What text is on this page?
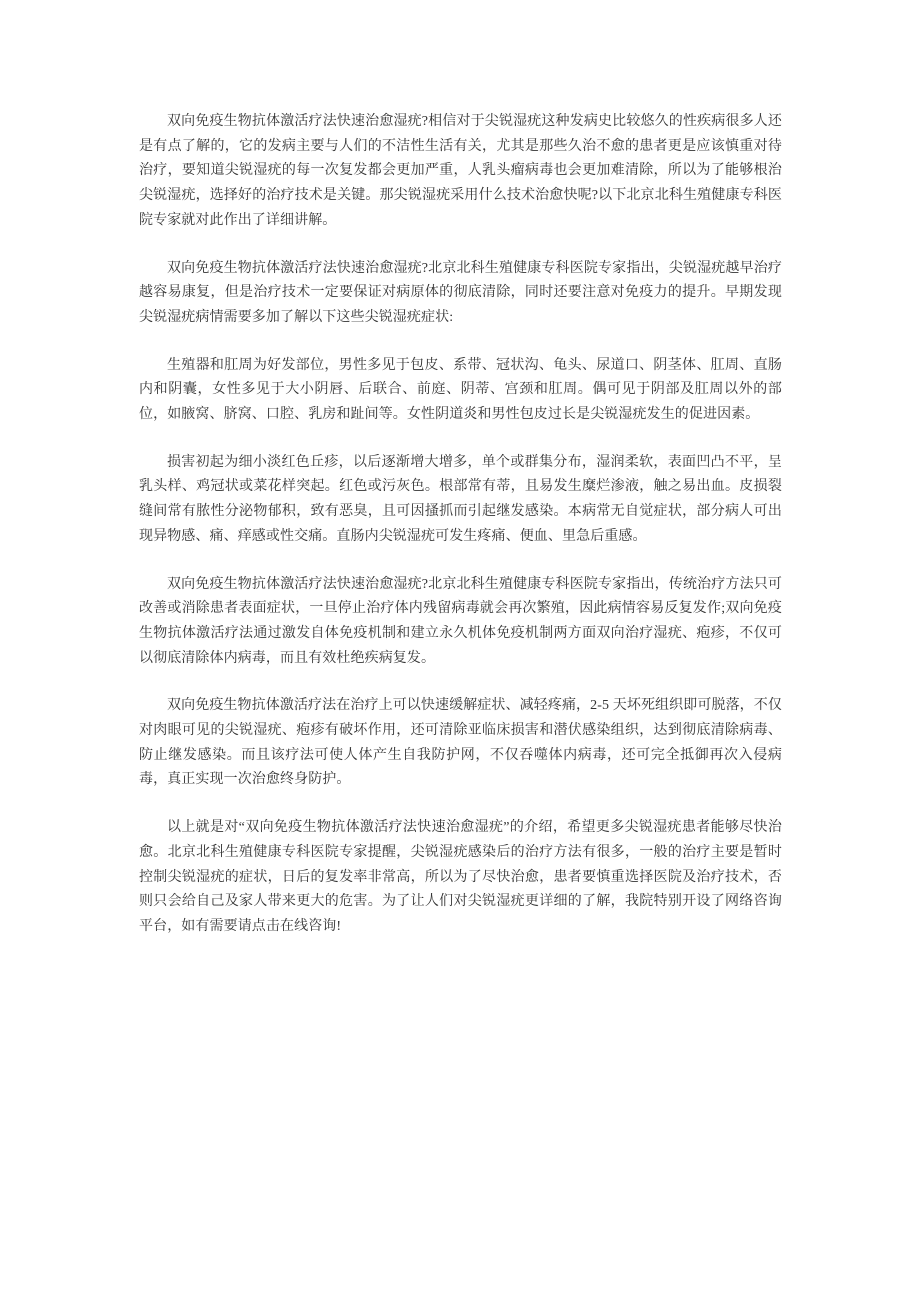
双向免疫生物抗体激活疗法快速治愈湿疣?相信对于尖锐湿疣这种发病史比较悠久的性疾病很多人还是有点了解的，它的发病主要与人们的不洁性生活有关，尤其是那些久治不愈的患者更是应该慎重对待治疗，要知道尖锐湿疣的每一次复发都会更加严重，人乳头瘤病毒也会更加难清除，所以为了能够根治尖锐湿疣，选择好的治疗技术是关键。那尖锐湿疣采用什么技术治愈快呢?以下北京北科生殖健康专科医院专家就对此作出了详细讲解。

双向免疫生物抗体激活疗法快速治愈湿疣?北京北科生殖健康专科医院专家指出，尖锐湿疣越早治疗越容易康复，但是治疗技术一定要保证对病原体的彻底清除，同时还要注意对免疫力的提升。早期发现尖锐湿疣病情需要多加了解以下这些尖锐湿疣症状:

生殖器和肛周为好发部位，男性多见于包皮、系带、冠状沟、龟头、尿道口、阴茎体、肛周、直肠内和阴囊，女性多见于大小阴唇、后联合、前庭、阴蒂、宫颈和肛周。偶可见于阴部及肛周以外的部位，如腋窝、脐窝、口腔、乳房和趾间等。女性阴道炎和男性包皮过长是尖锐湿疣发生的促进因素。

损害初起为细小淡红色丘疹，以后逐渐增大增多，单个或群集分布，湿润柔软，表面凹凸不平，呈乳头样、鸡冠状或菜花样突起。红色或污灰色。根部常有蒂，且易发生糜烂渗液，触之易出血。皮损裂缝间常有脓性分泌物郁积，致有恶臭，且可因搔抓而引起继发感染。本病常无自觉症状，部分病人可出现异物感、痛、痒感或性交痛。直肠内尖锐湿疣可发生疼痛、便血、里急后重感。

双向免疫生物抗体激活疗法快速治愈湿疣?北京北科生殖健康专科医院专家指出，传统治疗方法只可改善或消除患者表面症状，一旦停止治疗体内残留病毒就会再次繁殖，因此病情容易反复发作;双向免疫生物抗体激活疗法通过激发自体免疫机制和建立永久机体免疫机制两方面双向治疗湿疣、疱疹，不仅可以彻底清除体内病毒，而且有效杜绝疾病复发。

双向免疫生物抗体激活疗法在治疗上可以快速缓解症状、减轻疼痛，2-5 天坏死组织即可脱落，不仅对肉眼可见的尖锐湿疣、疱疹有破坏作用，还可清除亚临床损害和潜伏感染组织，达到彻底清除病毒、防止继发感染。而且该疗法可使人体产生自我防护网，不仅吞噬体内病毒，还可完全抵御再次入侵病毒，真正实现一次治愈终身防护。

以上就是对“双向免疫生物抗体激活疗法快速治愈湿疣”的介绍，希望更多尖锐湿疣患者能够尽快治愈。北京北科生殖健康专科医院专家提醒，尖锐湿疣感染后的治疗方法有很多，一般的治疗主要是暂时控制尖锐湿疣的症状，日后的复发率非常高，所以为了尽快治愈，患者要慎重选择医院及治疗技术，否则只会给自己及家人带来更大的危害。为了让人们对尖锐湿疣更详细的了解，我院特别开设了网络咨询平台，如有需要请点击在线咨询!
